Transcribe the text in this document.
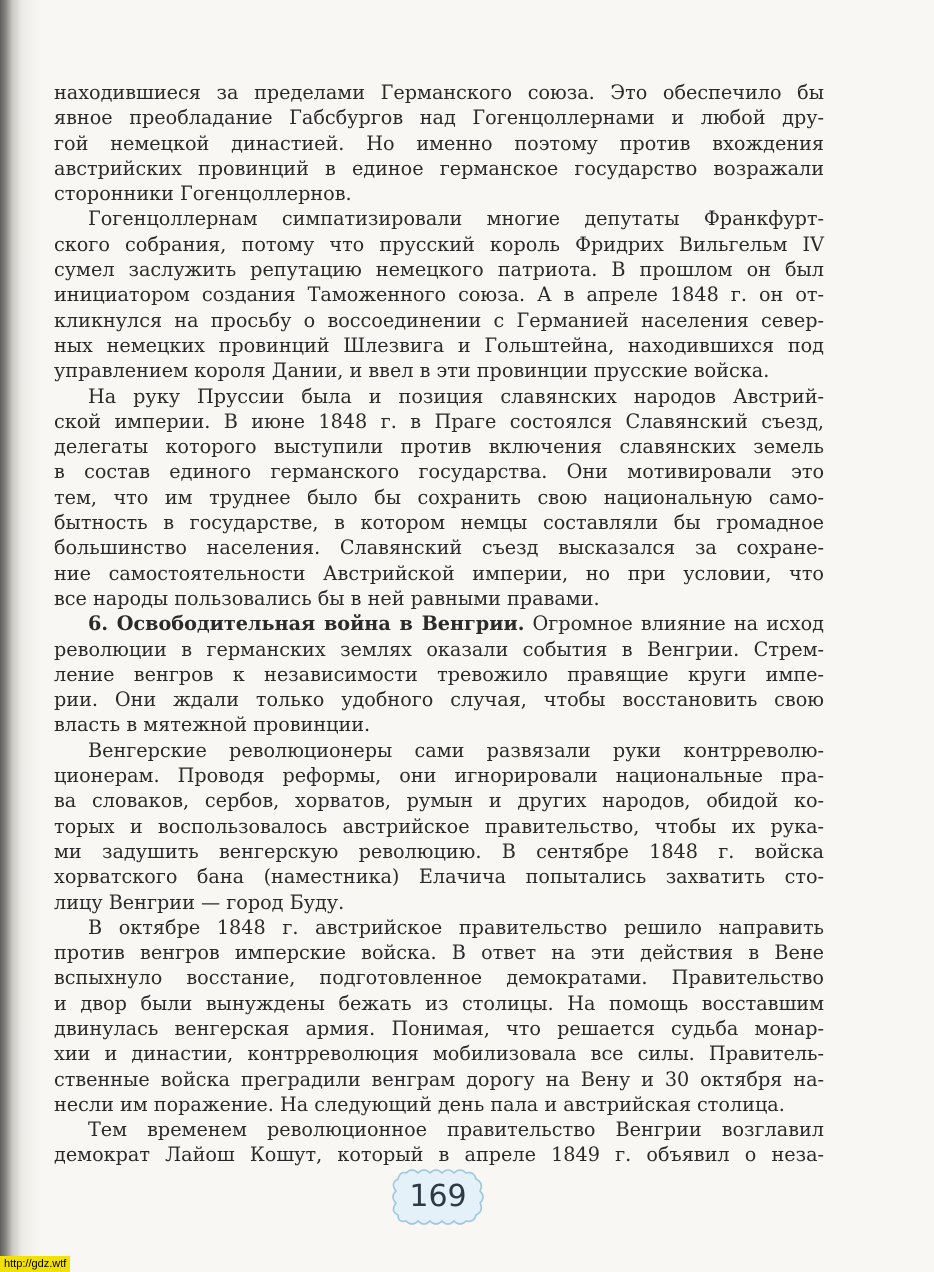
находившиеся за пределами Германского союза. Это обеспечило бы
явное преобладание Габсбургов над Гогенцоллернами и любой дру-
гой немецкой династией. Но именно поэтому против вхождения
австрийских провинций в единое германское государство возражали
сторонники Гогенцоллернов.
Гогенцоллернам симпатизировали многие депутаты Франкфурт-
ского собрания, потому что прусский король Фридрих Вильгельм IV
сумел заслужить репутацию немецкого патриота. В прошлом он был
инициатором создания Таможенного союза. А в апреле 1848 г. он от-
кликнулся на просьбу о воссоединении с Германией населения север-
ных немецких провинций Шлезвига и Гольштейна, находившихся под
управлением короля Дании, и ввел в эти провинции прусские войска.
На руку Пруссии была и позиция славянских народов Австрий-
ской империи. В июне 1848 г. в Праге состоялся Славянский съезд,
делегаты которого выступили против включения славянских земель
в состав единого германского государства. Они мотивировали это
тем, что им труднее было бы сохранить свою национальную само-
бытность в государстве, в котором немцы составляли бы громадное
большинство населения. Славянский съезд высказался за сохране-
ние самостоятельности Австрийской империи, но при условии, что
все народы пользовались бы в ней равными правами.
6. Освободительная война в Венгрии. Огромное влияние на исход
революции в германских землях оказали события в Венгрии. Стрем-
ление венгров к независимости тревожило правящие круги импе-
рии. Они ждали только удобного случая, чтобы восстановить свою
власть в мятежной провинции.
Венгерские революционеры сами развязали руки контрреволю-
ционерам. Проводя реформы, они игнорировали национальные пра-
ва словаков, сербов, хорватов, румын и других народов, обидой ко-
торых и воспользовалось австрийское правительство, чтобы их рука-
ми задушить венгерскую революцию. В сентябре 1848 г. войска
хорватского бана (наместника) Елачича попытались захватить сто-
лицу Венгрии — город Буду.
В октябре 1848 г. австрийское правительство решило направить
против венгров имперские войска. В ответ на эти действия в Вене
вспыхнуло восстание, подготовленное демократами. Правительство
и двор были вынуждены бежать из столицы. На помощь восставшим
двинулась венгерская армия. Понимая, что решается судьба монар-
хии и династии, контрреволюция мобилизовала все силы. Правитель-
ственные войска преградили венграм дорогу на Вену и 30 октября на-
несли им поражение. На следующий день пала и австрийская столица.
Тем временем революционное правительство Венгрии возглавил
демократ Лайош Кошут, который в апреле 1849 г. объявил о неза-
169
http://gdz.wtf
